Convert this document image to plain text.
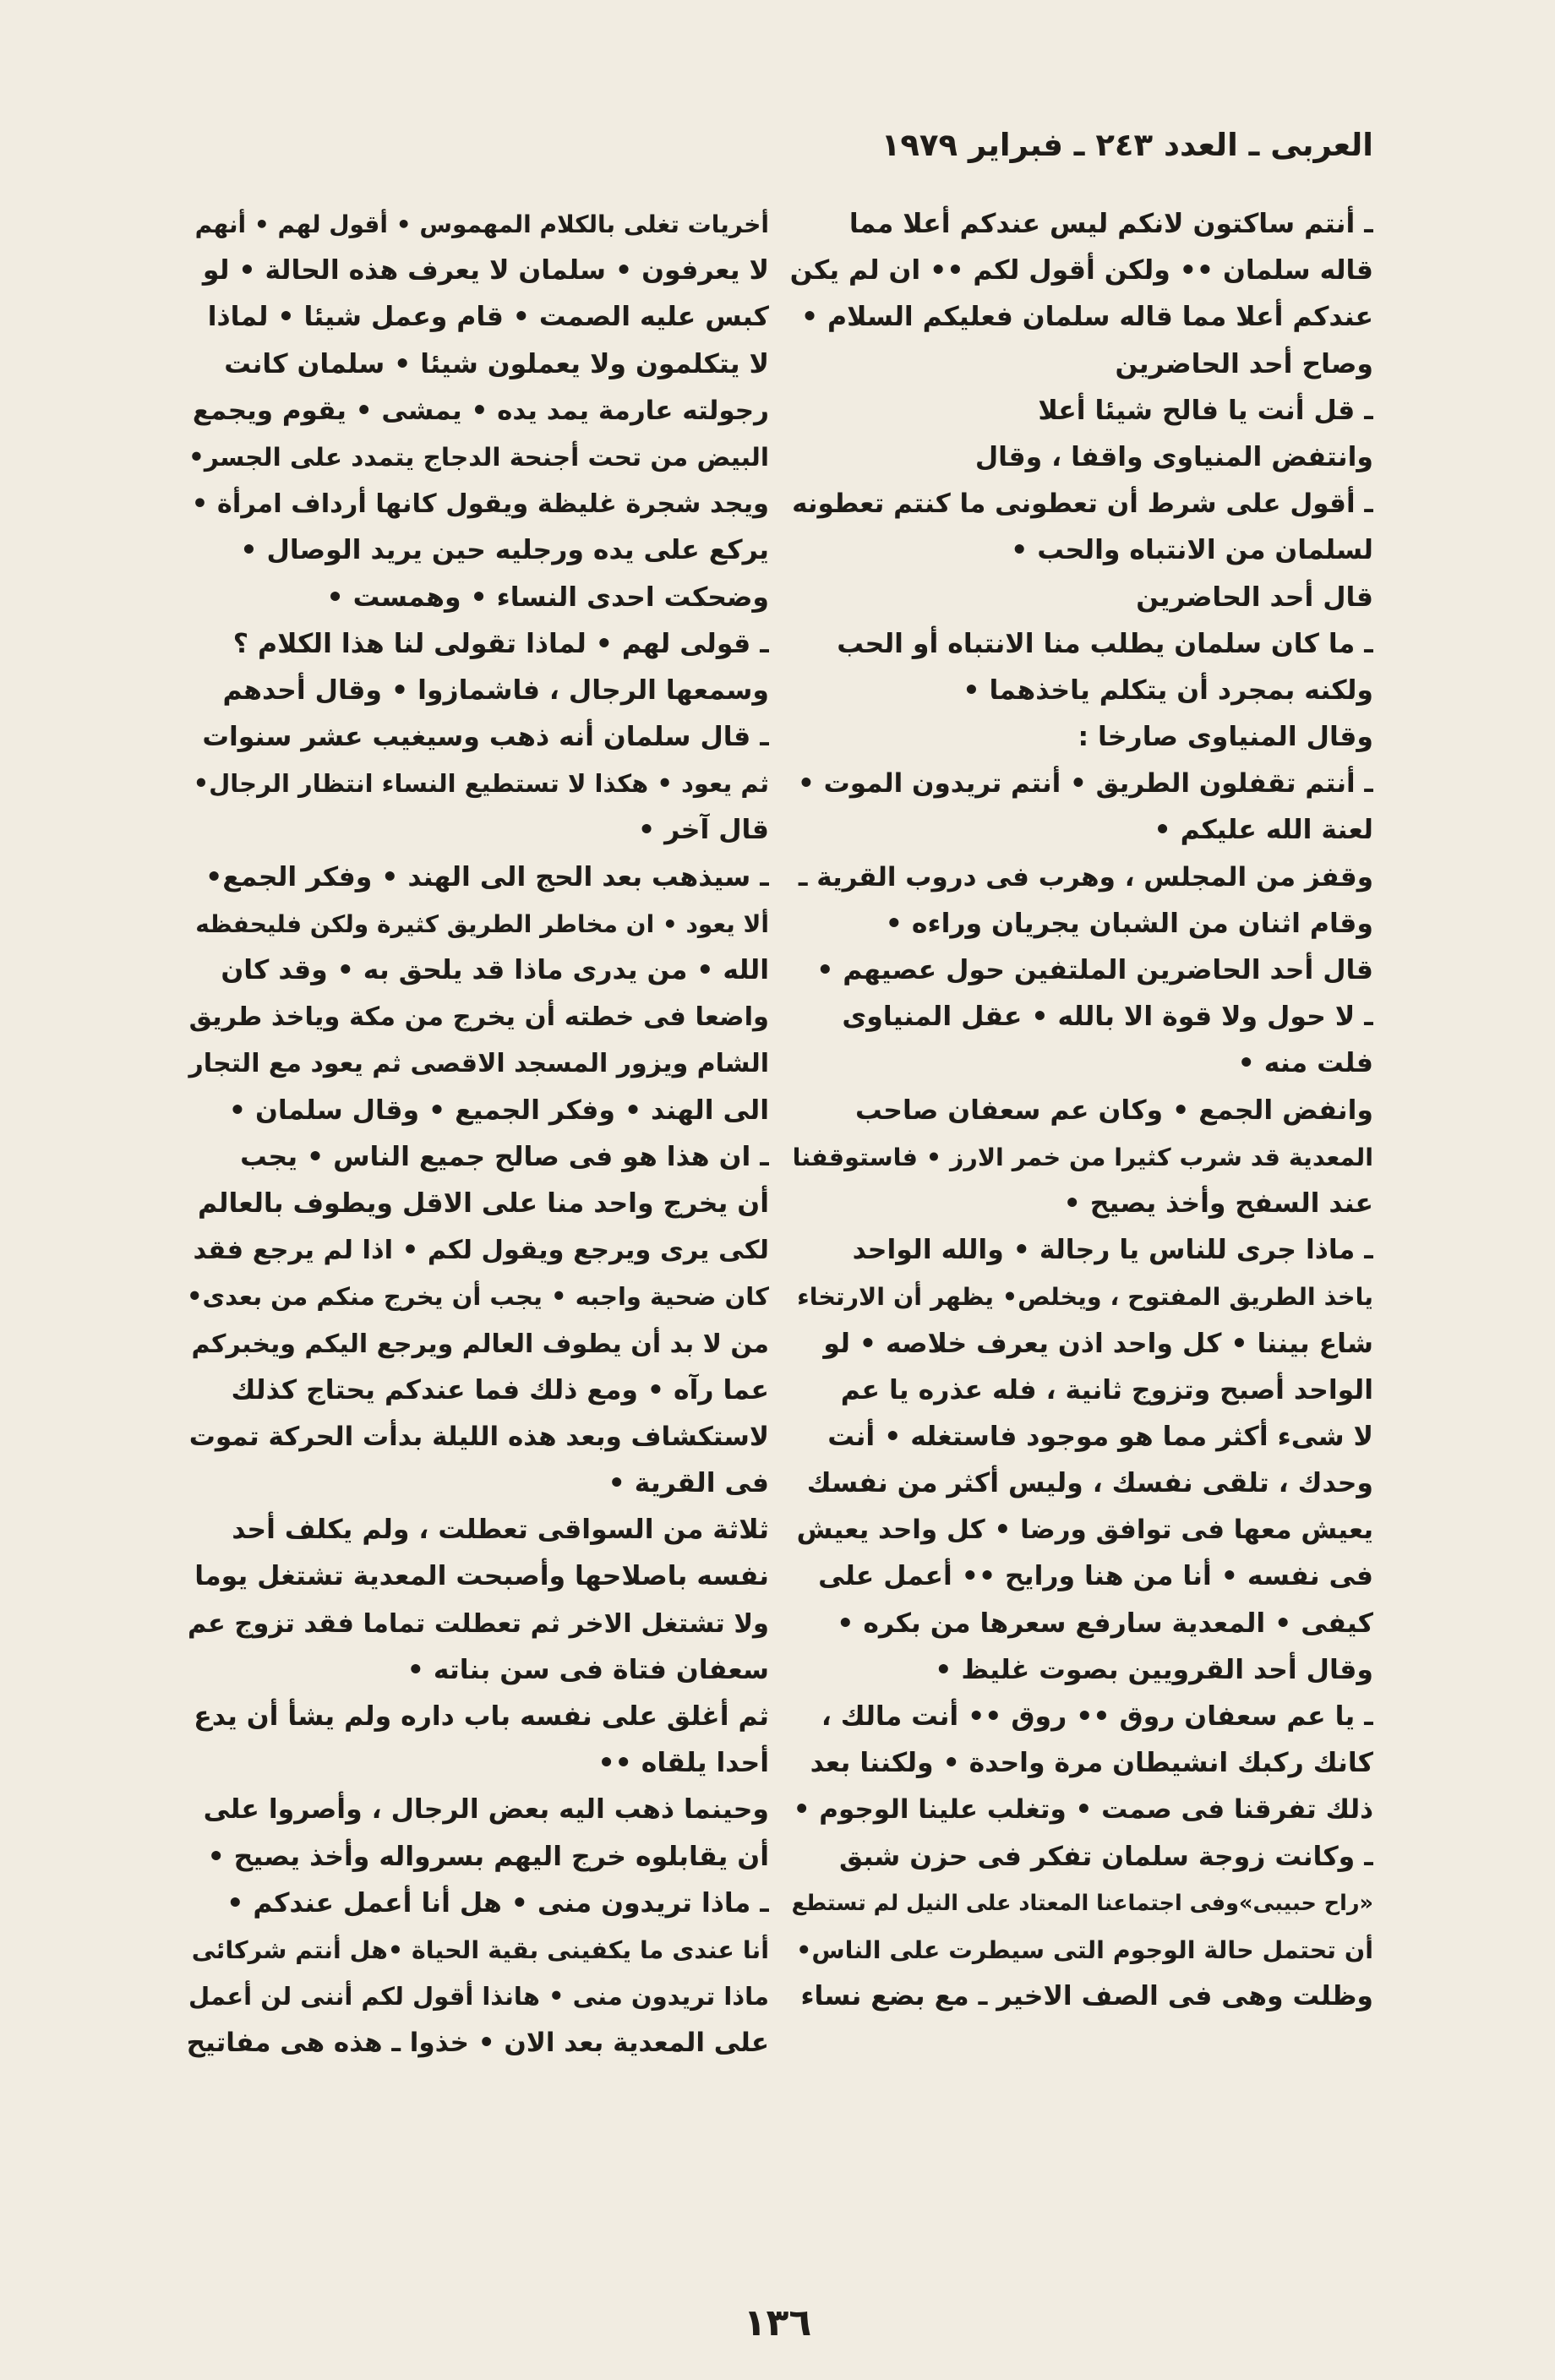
العربى ـ العدد ٢٤٣ ـ فبراير ١٩٧٩
ـ أنتم ساكتون لانكم ليس عندكم أعلا مما
قاله سلمان •• ولكن أقول لكم •• ان لم يكن
عندكم أعلا مما قاله سلمان فعليكم السلام •
وصاح أحد الحاضرين
ـ قل أنت يا فالح شيئا أعلا
وانتفض المنياوى واقفا ، وقال
ـ أقول على شرط أن تعطونى ما كنتم تعطونه
لسلمان من الانتباه والحب •
قال أحد الحاضرين
ـ ما كان سلمان يطلب منا الانتباه أو الحب
ولكنه بمجرد أن يتكلم ياخذهما •
وقال المنياوى صارخا :
ـ أنتم تقفلون الطريق • أنتم تريدون الموت •
لعنة الله عليكم •
وقفز من المجلس ، وهرب فى دروب القرية ـ
وقام اثنان من الشبان يجريان وراءه •
قال أحد الحاضرين الملتفين حول عصيهم •
ـ لا حول ولا قوة الا بالله • عقل المنياوى
فلت منه •
وانفض الجمع • وكان عم سعفان صاحب
المعدية قد شرب كثيرا من خمر الارز • فاستوقفنا
عند السفح وأخذ يصيح •
ـ ماذا جرى للناس يا رجالة • والله الواحد
ياخذ الطريق المفتوح ، ويخلص• يظهر أن الارتخاء
شاع بيننا • كل واحد اذن يعرف خلاصه • لو
الواحد أصبح وتزوج ثانية ، فله عذره يا عم
لا شىء أكثر مما هو موجود فاستغله • أنت
وحدك ، تلقى نفسك ، وليس أكثر من نفسك
يعيش معها فى توافق ورضا • كل واحد يعيش
فى نفسه • أنا من هنا ورايح •• أعمل على
كيفى • المعدية سارفع سعرها من بكره •
وقال أحد القرويين بصوت غليظ •
ـ يا عم سعفان روق •• روق •• أنت مالك ،
كانك ركبك انشيطان مرة واحدة • ولكننا بعد
ذلك تفرقنا فى صمت • وتغلب علينا الوجوم •
ـ وكانت زوجة سلمان تفكر فى حزن شبق
«راح حبيبى»وفى اجتماعنا المعتاد على النيل لم تستطع
أن تحتمل حالة الوجوم التى سيطرت على الناس•
وظلت وهى فى الصف الاخير ـ مع بضع نساء
أخريات تغلى بالكلام المهموس • أقول لهم • أنهم
لا يعرفون • سلمان لا يعرف هذه الحالة • لو
كبس عليه الصمت • قام وعمل شيئا • لماذا
لا يتكلمون ولا يعملون شيئا • سلمان كانت
رجولته عارمة يمد يده • يمشى • يقوم ويجمع
البيض من تحت أجنحة الدجاج يتمدد على الجسر•
ويجد شجرة غليظة ويقول كانها أرداف امرأة •
يركع على يده ورجليه حين يريد الوصال •
وضحكت احدى النساء • وهمست •
ـ قولى لهم • لماذا تقولى لنا هذا الكلام ؟
وسمعها الرجال ، فاشمازوا • وقال أحدهم
ـ قال سلمان أنه ذهب وسيغيب عشر سنوات
ثم يعود • هكذا لا تستطيع النساء انتظار الرجال•
قال آخر •
ـ سيذهب بعد الحج الى الهند • وفكر الجمع•
ألا يعود • ان مخاطر الطريق كثيرة ولكن فليحفظه
الله • من يدرى ماذا قد يلحق به • وقد كان
واضعا فى خطته أن يخرج من مكة وياخذ طريق
الشام ويزور المسجد الاقصى ثم يعود مع التجار
الى الهند • وفكر الجميع • وقال سلمان •
ـ ان هذا هو فى صالح جميع الناس • يجب
أن يخرج واحد منا على الاقل ويطوف بالعالم
لكى يرى ويرجع ويقول لكم • اذا لم يرجع فقد
كان ضحية واجبه • يجب أن يخرج منكم من بعدى•
من لا بد أن يطوف العالم ويرجع اليكم ويخبركم
عما رآه • ومع ذلك فما عندكم يحتاج كذلك
لاستكشاف وبعد هذه الليلة بدأت الحركة تموت
فى القرية •
ثلاثة من السواقى تعطلت ، ولم يكلف أحد
نفسه باصلاحها وأصبحت المعدية تشتغل يوما
ولا تشتغل الاخر ثم تعطلت تماما فقد تزوج عم
سعفان فتاة فى سن بناته •
ثم أغلق على نفسه باب داره ولم يشأ أن يدع
أحدا يلقاه ••
وحينما ذهب اليه بعض الرجال ، وأصروا على
أن يقابلوه خرج اليهم بسرواله وأخذ يصيح •
ـ ماذا تريدون منى • هل أنا أعمل عندكم •
أنا عندى ما يكفينى بقية الحياة •هل أنتم شركائى
ماذا تريدون منى • هانذا أقول لكم أننى لن أعمل
على المعدية بعد الان • خذوا ـ هذه هى مفاتيح
١٣٦
